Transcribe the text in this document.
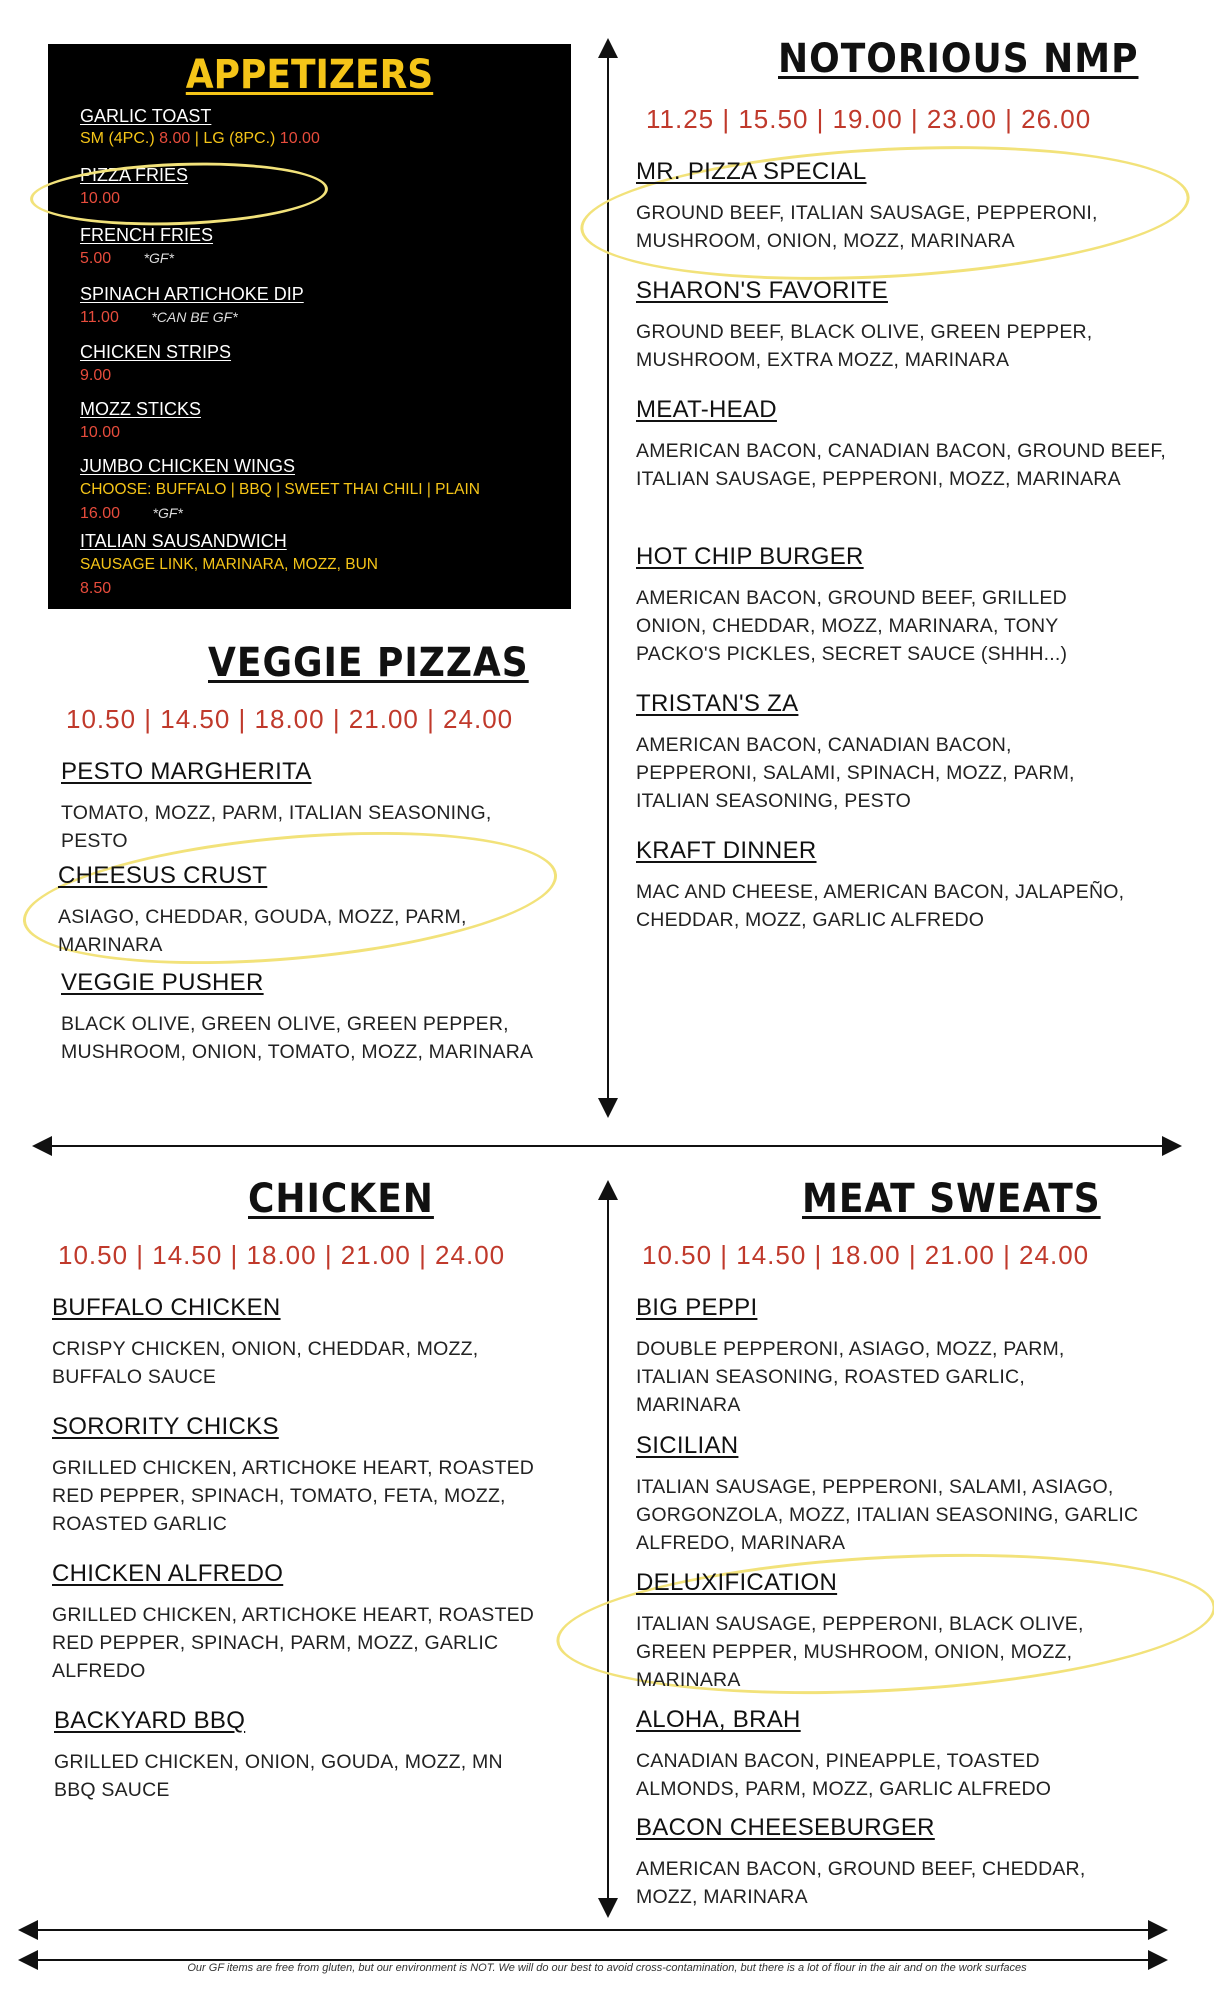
APPETIZERS
GARLIC TOAST
SM (4PC.) 8.00 | LG (8PC.) 10.00
PIZZA FRIES
10.00
FRENCH FRIES
5.00 *GF*
SPINACH ARTICHOKE DIP
11.00 *CAN BE GF*
CHICKEN STRIPS
9.00
MOZZ STICKS
10.00
JUMBO CHICKEN WINGS
CHOOSE: BUFFALO | BBQ | SWEET THAI CHILI | PLAIN
16.00 *GF*
ITALIAN SAUSANDWICH
SAUSAGE LINK, MARINARA, MOZZ, BUN
8.50
NOTORIOUS NMP
11.25 | 15.50 | 19.00 | 23.00 | 26.00
MR. PIZZA SPECIAL
GROUND BEEF, ITALIAN SAUSAGE, PEPPERONI, MUSHROOM, ONION, MOZZ, MARINARA
SHARON'S FAVORITE
GROUND BEEF, BLACK OLIVE, GREEN PEPPER, MUSHROOM, EXTRA MOZZ, MARINARA
MEAT-HEAD
AMERICAN BACON, CANADIAN BACON, GROUND BEEF, ITALIAN SAUSAGE, PEPPERONI, MOZZ, MARINARA
HOT CHIP BURGER
AMERICAN BACON, GROUND BEEF, GRILLED ONION, CHEDDAR, MOZZ, MARINARA, TONY PACKO'S PICKLES, SECRET SAUCE (SHHH...)
TRISTAN'S ZA
AMERICAN BACON, CANADIAN BACON, PEPPERONI, SALAMI, SPINACH, MOZZ, PARM, ITALIAN SEASONING, PESTO
KRAFT DINNER
MAC AND CHEESE, AMERICAN BACON, JALAPEÑO, CHEDDAR, MOZZ, GARLIC ALFREDO
VEGGIE PIZZAS
10.50 | 14.50 | 18.00 | 21.00 | 24.00
PESTO MARGHERITA
TOMATO, MOZZ, PARM, ITALIAN SEASONING, PESTO
CHEESUS CRUST
ASIAGO, CHEDDAR, GOUDA, MOZZ, PARM, MARINARA
VEGGIE PUSHER
BLACK OLIVE, GREEN OLIVE, GREEN PEPPER, MUSHROOM, ONION, TOMATO, MOZZ, MARINARA
CHICKEN
10.50 | 14.50 | 18.00 | 21.00 | 24.00
BUFFALO CHICKEN
CRISPY CHICKEN, ONION, CHEDDAR, MOZZ, BUFFALO SAUCE
SORORITY CHICKS
GRILLED CHICKEN, ARTICHOKE HEART, ROASTED RED PEPPER, SPINACH, TOMATO, FETA, MOZZ, ROASTED GARLIC
CHICKEN ALFREDO
GRILLED CHICKEN, ARTICHOKE HEART, ROASTED RED PEPPER, SPINACH, PARM, MOZZ, GARLIC ALFREDO
BACKYARD BBQ
GRILLED CHICKEN, ONION, GOUDA, MOZZ, MN BBQ SAUCE
MEAT SWEATS
10.50 | 14.50 | 18.00 | 21.00 | 24.00
BIG PEPPI
DOUBLE PEPPERONI, ASIAGO, MOZZ, PARM, ITALIAN SEASONING, ROASTED GARLIC, MARINARA
SICILIAN
ITALIAN SAUSAGE, PEPPERONI, SALAMI, ASIAGO, GORGONZOLA, MOZZ, ITALIAN SEASONING, GARLIC ALFREDO, MARINARA
DELUXIFICATION
ITALIAN SAUSAGE, PEPPERONI, BLACK OLIVE, GREEN PEPPER, MUSHROOM, ONION, MOZZ, MARINARA
ALOHA, BRAH
CANADIAN BACON, PINEAPPLE, TOASTED ALMONDS, PARM, MOZZ, GARLIC ALFREDO
BACON CHEESEBURGER
AMERICAN BACON, GROUND BEEF, CHEDDAR, MOZZ, MARINARA
Our GF items are free from gluten, but our environment is NOT. We will do our best to avoid cross-contamination, but there is a lot of flour in the air and on the work surfaces
